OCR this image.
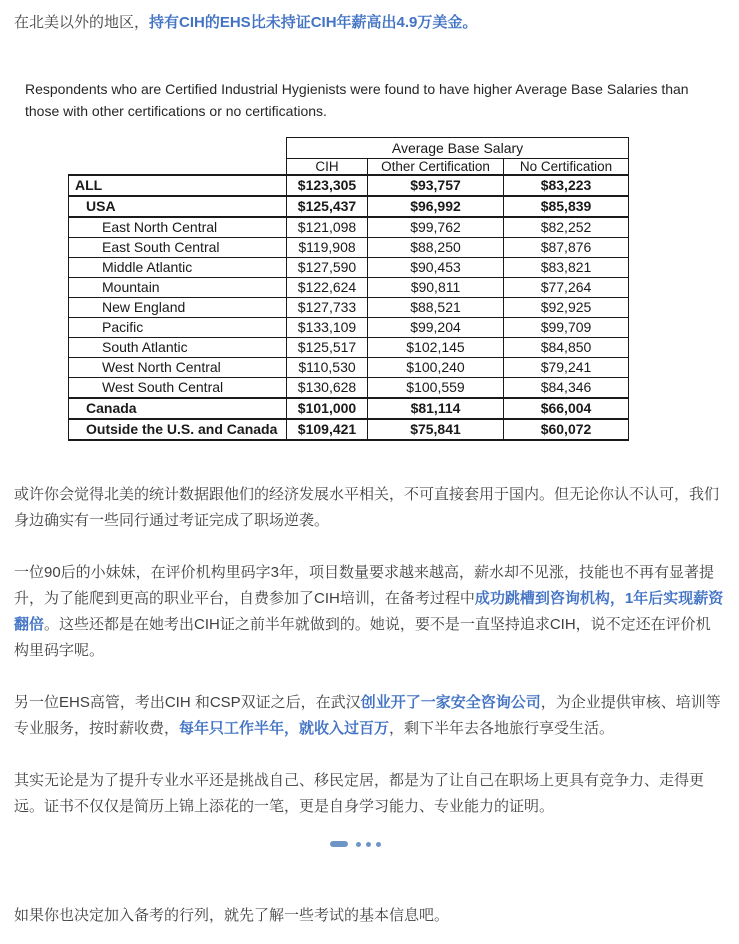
在北美以外的地区，持有CIH的EHS比未持证CIH年薪高出4.9万美金。

Respondents who are Certified Industrial Hygienists were found to have higher Average Base Salaries than
those with other certifications or no certifications.

	Average Base Salary		
	CIH	Other Certification	No Certification
ALL	$123,305	$93,757	$83,223
USA	$125,437	$96,992	$85,839
East North Central	$121,098	$99,762	$82,252
East South Central	$119,908	$88,250	$87,876
Middle Atlantic	$127,590	$90,453	$83,821
Mountain	$122,624	$90,811	$77,264
New England	$127,733	$88,521	$92,925
Pacific	$133,109	$99,204	$99,709
South Atlantic	$125,517	$102,145	$84,850
West North Central	$110,530	$100,240	$79,241
West South Central	$130,628	$100,559	$84,346
Canada	$101,000	$81,114	$66,004
Outside the U.S. and Canada	$109,421	$75,841	$60,072

或许你会觉得北美的统计数据跟他们的经济发展水平相关，不可直接套用于国内。但无论你认不认可，我们身边确实有一些同行通过考证完成了职场逆袭。

一位90后的小妹妹，在评价机构里码字3年，项目数量要求越来越高，薪水却不见涨，技能也不再有显著提升，为了能爬到更高的职业平台，自费参加了CIH培训，在备考过程中成功跳槽到咨询机构，1年后实现薪资翻倍。这些还都是在她考出CIH证之前半年就做到的。她说，要不是一直坚持追求CIH，说不定还在评价机构里码字呢。

另一位EHS高管，考出CIH 和CSP双证之后，在武汉创业开了一家安全咨询公司，为企业提供审核、培训等专业服务，按时薪收费，每年只工作半年，就收入过百万，剩下半年去各地旅行享受生活。

其实无论是为了提升专业水平还是挑战自己、移民定居，都是为了让自己在职场上更具有竞争力、走得更远。证书不仅仅是简历上锦上添花的一笔，更是自身学习能力、专业能力的证明。

如果你也决定加入备考的行列，就先了解一些考试的基本信息吧。
